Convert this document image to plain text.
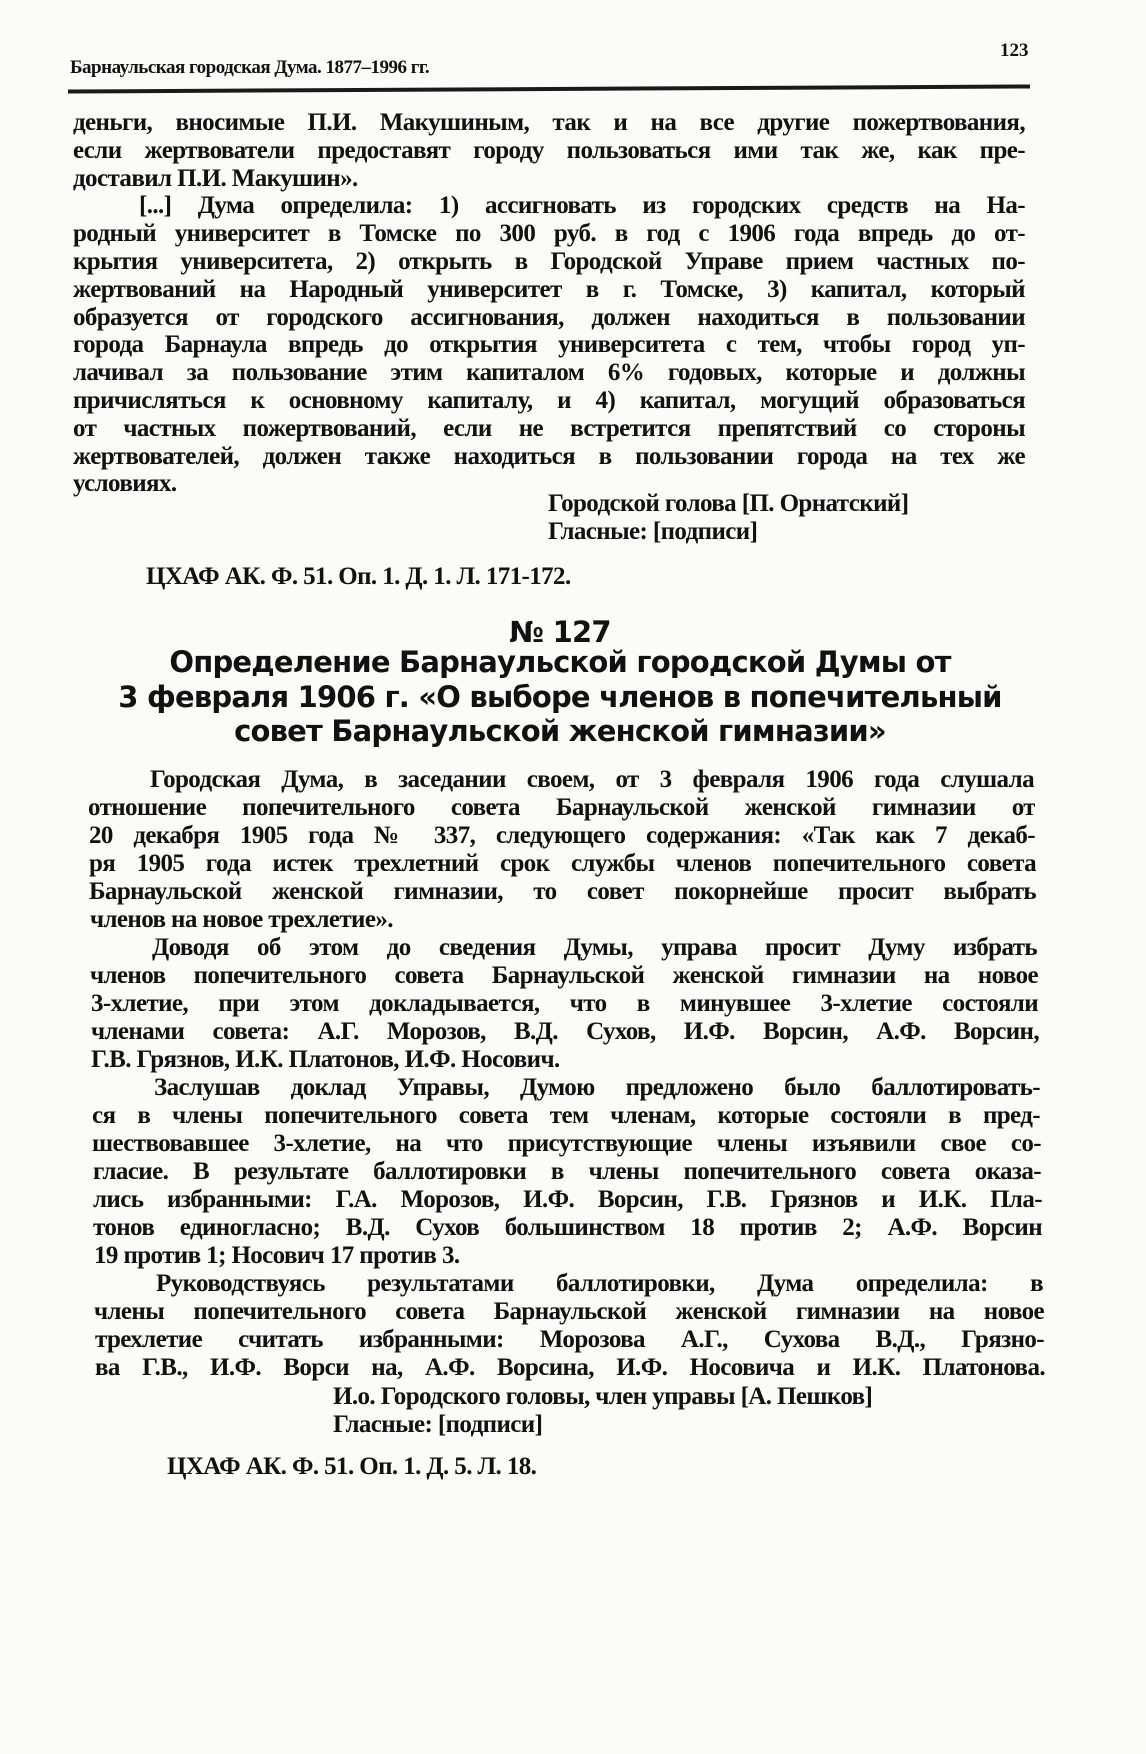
Барнаульская городская Дума. 1877–1996 гг.
123
деньги, вносимые П.И. Макушиным, так и на все другие пожертвования,
если жертвователи предоставят городу пользоваться ими так же, как пре-
доставил П.И. Макушин».
[...] Дума определила: 1) ассигновать из городских средств на На-
родный университет в Томске по 300 руб. в год с 1906 года впредь до от-
крытия университета, 2) открыть в Городской Управе прием частных по-
жертвований на Народный университет в г. Томске, 3) капитал, который
образуется от городского ассигнования, должен находиться в пользовании
города Барнаула впредь до открытия университета с тем, чтобы город уп-
лачивал за пользование этим капиталом 6% годовых, которые и должны
причисляться к основному капиталу, и 4) капитал, могущий образоваться
от частных пожертвований, если не встретится препятствий со стороны
жертвователей, должен также находиться в пользовании города на тех же
условиях.
Городской голова [П. Орнатский]
Гласные: [подписи]
ЦХАФ АК. Ф. 51. Оп. 1. Д. 1. Л. 171-172.
№ 127
Определение Барнаульской городской Думы от
3 февраля 1906 г. «О выборе членов в попечительный
совет Барнаульской женской гимназии»
Городская Дума, в заседании своем, от 3 февраля 1906 года слушала
отношение попечительного совета Барнаульской женской гимназии от
20 декабря 1905 года № 337, следующего содержания: «Так как 7 декаб-
ря 1905 года истек трехлетний срок службы членов попечительного совета
Барнаульской женской гимназии, то совет покорнейше просит выбрать
членов на новое трехлетие».
Доводя об этом до сведения Думы, управа просит Думу избрать
членов попечительного совета Барнаульской женской гимназии на новое
3-хлетие, при этом докладывается, что в минувшее 3-хлетие состояли
членами совета: А.Г. Морозов, В.Д. Сухов, И.Ф. Ворсин, А.Ф. Ворсин,
Г.В. Грязнов, И.К. Платонов, И.Ф. Носович.
Заслушав доклад Управы, Думою предложено было баллотировать-
ся в члены попечительного совета тем членам, которые состояли в пред-
шествовавшее 3-хлетие, на что присутствующие члены изъявили свое со-
гласие. В результате баллотировки в члены попечительного совета оказа-
лись избранными: Г.А. Морозов, И.Ф. Ворсин, Г.В. Грязнов и И.К. Пла-
тонов единогласно; В.Д. Сухов большинством 18 против 2; А.Ф. Ворсин
19 против 1; Носович 17 против 3.
Руководствуясь результатами баллотировки, Дума определила: в
члены попечительного совета Барнаульской женской гимназии на новое
трехлетие считать избранными: Морозова А.Г., Сухова В.Д., Грязно-
ва Г.В., И.Ф. Ворси на, А.Ф. Ворсина, И.Ф. Носовича и И.К. Платонова.
И.о. Городского головы, член управы [А. Пешков]
Гласные: [подписи]
ЦХАФ АК. Ф. 51. Оп. 1. Д. 5. Л. 18.
